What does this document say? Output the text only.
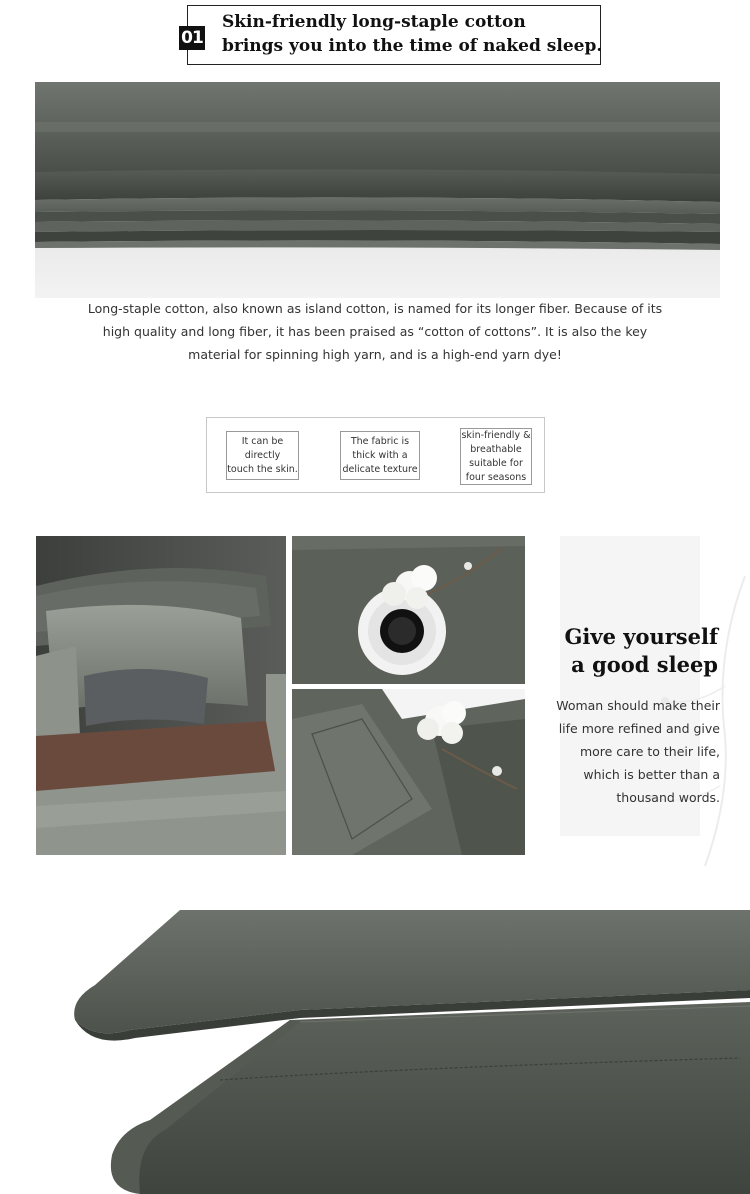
01
Skin-friendly long-staple cotton
brings you into the time of naked sleep.
Long-staple cotton, also known as island cotton, is named for its longer fiber. Because of its high quality and long fiber, it has been praised as “cotton of cottons”. It is also the key material for spinning high yarn, and is a high-end yarn dye!
It can be
directly
touch the skin.
The fabric is
thick with a
delicate texture
skin-friendly &
breathable
suitable for
four seasons
Give yourself
a good sleep
Woman should make their life more refined and give more care to their life, which is better than a thousand words.
